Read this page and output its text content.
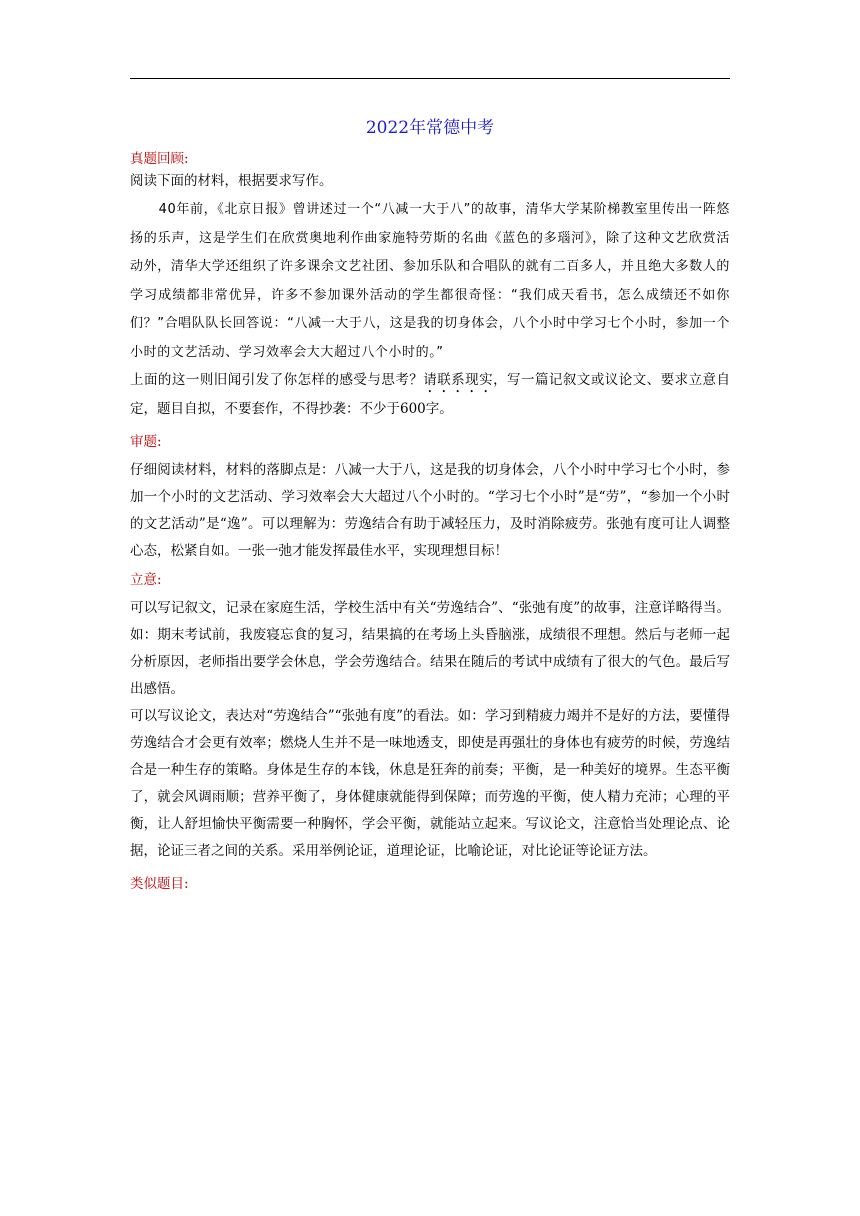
2022年常德中考
真题回顾:
阅读下面的材料，根据要求写作。
40年前，《北京日报》曾讲述过一个“八减一大于八”的故事，清华大学某阶梯教室里传出一阵悠扬的乐声，这是学生们在欣赏奥地利作曲家施特劳斯的名曲《蓝色的多瑙河》，除了这种文艺欣赏活动外，清华大学还组织了许多课余文艺社团、参加乐队和合唱队的就有二百多人，并且绝大多数人的学习成绩都非常优异，许多不参加课外活动的学生都很奇怪：“我们成天看书，怎么成绩还不如你们？”合唱队队长回答说：“八减一大于八，这是我的切身体会，八个小时中学习七个小时，参加一个小时的文艺活动、学习效率会大大超过八个小时的。”
上面的这一则旧闻引发了你怎样的感受与思考？请联系现实，写一篇记叙文或议论文、要求立意自定，题目自拟，不要套作，不得抄袭：不少于600字。
审题:
仔细阅读材料，材料的落脚点是：八减一大于八，这是我的切身体会，八个小时中学习七个小时，参加一个小时的文艺活动、学习效率会大大超过八个小时的。“学习七个小时”是“劳”，“参加一个小时的文艺活动”是“逸”。可以理解为：劳逸结合有助于减轻压力，及时消除疲劳。张弛有度可让人调整心态，松紧自如。一张一弛才能发挥最佳水平，实现理想目标！
立意:
可以写记叙文，记录在家庭生活，学校生活中有关“劳逸结合”、“张弛有度”的故事，注意详略得当。如：期末考试前，我废寝忘食的复习，结果搞的在考场上头昏脑涨，成绩很不理想。然后与老师一起分析原因，老师指出要学会休息，学会劳逸结合。结果在随后的考试中成绩有了很大的气色。最后写出感悟。
可以写议论文，表达对“劳逸结合”“张弛有度”的看法。如：学习到精疲力竭并不是好的方法，要懂得劳逸结合才会更有效率；燃烧人生并不是一味地透支，即使是再强壮的身体也有疲劳的时候，劳逸结合是一种生存的策略。身体是生存的本钱，休息是狂奔的前奏；平衡，是一种美好的境界。生态平衡了，就会风调雨顺；营养平衡了，身体健康就能得到保障；而劳逸的平衡，使人精力充沛；心理的平衡，让人舒坦愉快平衡需要一种胸怀，学会平衡，就能站立起来。写议论文，注意恰当处理论点、论据，论证三者之间的关系。采用举例论证，道理论证，比喻论证，对比论证等论证方法。
类似题目:
